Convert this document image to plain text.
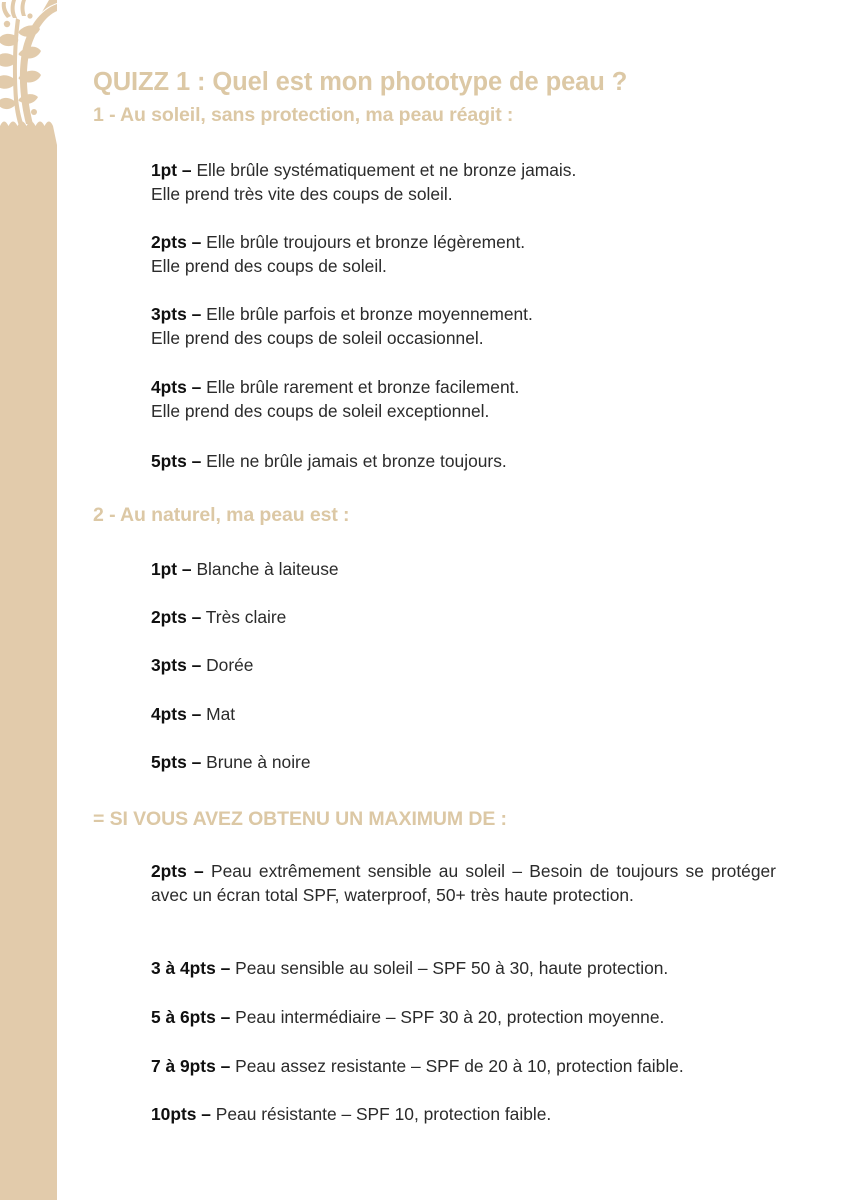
QUIZZ 1 : Quel est mon phototype de peau ?
1 - Au soleil, sans protection, ma peau réagit :
1pt – Elle brûle systématiquement et ne bronze jamais.
Elle prend très vite des coups de soleil.
2pts – Elle brûle troujours et bronze légèrement.
Elle prend des coups de soleil.
3pts – Elle brûle parfois et bronze moyennement.
Elle prend des coups de soleil occasionnel.
4pts – Elle brûle rarement et bronze facilement.
Elle prend des coups de soleil exceptionnel.
5pts – Elle ne brûle jamais et bronze toujours.
2 - Au naturel, ma peau est :
1pt – Blanche à laiteuse
2pts – Très claire
3pts – Dorée
4pts – Mat
5pts – Brune à noire
= SI VOUS AVEZ OBTENU UN MAXIMUM DE :
2pts – Peau extrêmement sensible au soleil – Besoin de toujours se protéger avec un écran total SPF, waterproof, 50+ très haute protection.
3 à 4pts – Peau sensible au soleil – SPF 50 à 30, haute protection.
5 à 6pts – Peau intermédiaire – SPF 30 à 20, protection moyenne.
7 à 9pts – Peau assez resistante – SPF de 20 à 10, protection faible.
10pts – Peau résistante – SPF 10, protection faible.
